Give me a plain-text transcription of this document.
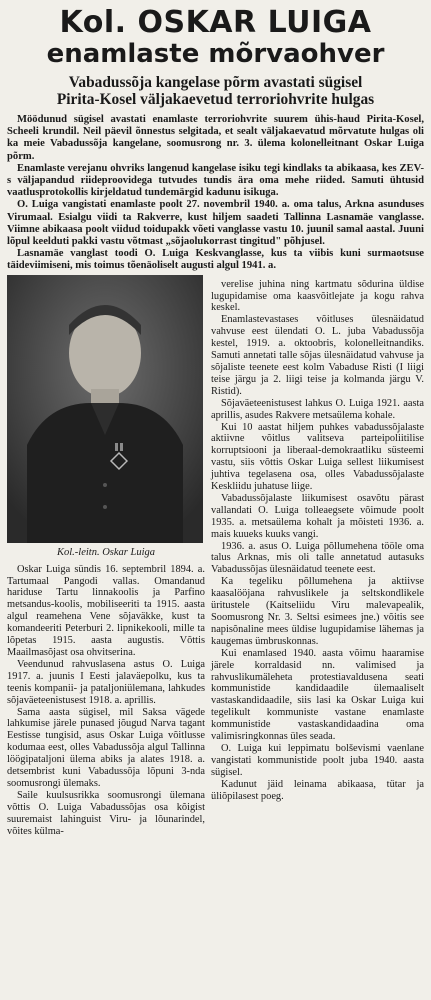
Kol. OSKAR LUIGA
enamlaste mõrvaohver
Vabadussõja kangelase põrm avastati sügisel
Pirita-Kosel väljakaevetud terroriohvrite hulgas

Möödunud sügisel avastati enamlaste terroriohvrite suurem ühis-haud Pirita-Kosel, Scheeli krundil. Neil päevil õnnestus selgitada, et sealt väljakaevatud mõrvatute hulgas oli ka meie Vabadussõja kangelane, soomusrong nr. 3. ülema kolonelleitnant Oskar Luiga põrm.

Enamlaste verejanu ohvriks langenud kangelase isiku tegi kindlaks ta abikaasa, kes ZEV-s väljapandud riideproovidega tutvudes tundis ära oma mehe riided. Samuti ühtusid vaatlusprotokollis kirjeldatud tundemärgid kadunu isikuga.

O. Luiga vangistati enamlaste poolt 27. novembril 1940. a. oma talus, Arkna asunduses Virumaal. Esialgu viidi ta Rakverre, kust hiljem saadeti Tallinna Lasnamäe vanglasse. Viimne abikaasa poolt viidud toidupakk võeti vanglasse vastu 10. juunil samal aastal. Juuni lõpul keelduti pakki vastu võtmast „sõjaolukorrast tingitud" põhjusel.

Lasnamäe vanglast toodi O. Luiga Keskvanglasse, kus ta viibis kuni surmaotsuse täideviimiseni, mis toimus tõenäoliselt augusti algul 1941. a.

Kol.-leitn. Oskar Luiga

Oskar Luiga sündis 16. septembril 1894. a. Tartumaal Pangodi vallas. Omandanud hariduse Tartu linnakoolis ja Parfino metsandus-koolis, mobiliseeriti ta 1915. aasta algul reamehena Vene sõjaväkke, kust ta komandeeriti Peterburi 2. lipnikekooli, mille ta lõpetas 1915. aasta augustis. Võttis Maailmasõjast osa ohvitserina.

Veendunud rahvuslasena astus O. Luiga 1917. a. juunis I Eesti jalaväepolku, kus ta teenis kompanii- ja pataljoniülemana, lahkudes sõjaväeteenistusest 1918. a. aprillis.

Sama aasta sügisel, mil Saksa vägede lahkumise järele punased jõugud Narva tagant Eestisse tungisid, asus Oskar Luiga võitlusse kodumaa eest, olles Vabadussõja algul Tallinna löögipataljoni ülema abiks ja alates 1918. a. detsembrist kuni Vabadussõja lõpuni 3-nda soomusrongi ülemaks.

Saile kuulsusrikka soomusrongi ülemana võttis O. Luiga Vabadussõjas osa kõigist suuremaist lahinguist Viru- ja lõunarindel, võites külma-

verelise juhina ning kartmatu sõdurina üldise lugupidamise oma kaasvõitlejate ja kogu rahva keskel.

Enamlastevastases võitluses ülesnäidatud vahvuse eest ülendati O. L. juba Vabadussõja kestel, 1919. a. oktoobris, kolonelleitnandiks. Samuti annetati talle sõjas ülesnäidatud vahvuse ja sõjaliste teenete eest kolm Vabaduse Risti (I liigi teise järgu ja 2. liigi teise ja kolmanda järgu V. Ristid).

Sõjaväeteenistusest lahkus O. Luiga 1921. aasta aprillis, asudes Rakvere metsaülema kohale.

Kui 10 aastat hiljem puhkes vabadussõjalaste aktiivne võitlus valitseva parteipoliitilise korruptsiooni ja liberaal-demokraatliku süsteemi vastu, siis võttis Oskar Luiga sellest liikumisest juhtiva tegelasena osa, olles Vabadussõjalaste Keskliidu juhatuse liige.

Vabadussõjalaste liikumisest osavõtu pärast vallandati O. Luiga tolleaegsete võimude poolt 1935. a. metsaülema kohalt ja mõisteti 1936. a. mais kuueks kuuks vangi.

1936. a. asus O. Luiga põllumehena tööle oma talus Arknas, mis oli talle annetatud autasuks Vabadussõjas ülesnäidatud teenete eest.

Ka tegeliku põllumehena ja aktiivse kaasalööjana rahvuslikele ja seltskondlikele üritustele (Kaitseliidu Viru malevapealik, Soomusrong Nr. 3. Seltsi esimees jne.) võitis see napisõnaline mees üldise lugupidamise lähemas ja kaugemas ümbruskonnas.

Kui enamlased 1940. aasta võimu haaramise järele korraldasid nn. valimised ja rahvuslikumäleheta protestiavaldusena seati kommunistide kandidaadile ülemaaliselt vastaskandidaadile, siis lasi ka Oskar Luiga kui tegelikult kommuniste vastane enamlaste kommunistide vastaskandidaadina oma valimisringkonnas üles seada.

O. Luiga kui leppimatu bolševismi vaenlane vangistati kommunistide poolt juba 1940. aasta sügisel.

Kadunut jäid leinama abikaasa, tütar ja üliõpilasest poeg.
